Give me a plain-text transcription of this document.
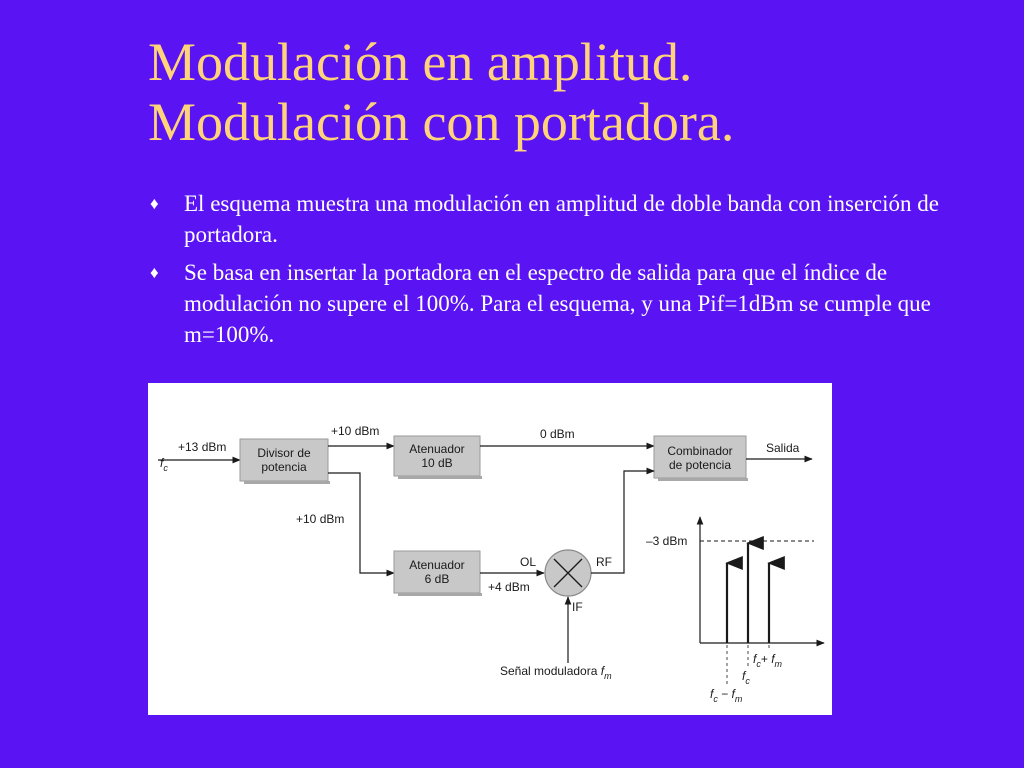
Modulación en amplitud.
Modulación con portadora.
♦ El esquema muestra una modulación en amplitud de doble banda con inserción de portadora.
♦ Se basa en insertar la portadora en el espectro de salida para que el índice de modulación no supere el 100%. Para el esquema, y una Pif=1dBm se cumple que m=100%.
$f_c$
+13 dBm	Divisor de
potencia
+10 dBm
+10 dBm
Atenuador
10 dB
0 dBm
Combinador
de potencia
Salida
Atenuador
6 dB
OL
+4 dBm
RF
IF
Señal moduladora $f_m$
–3 dBm
$f_c+ f_m$
$f_c$
$f_c - f_m$
